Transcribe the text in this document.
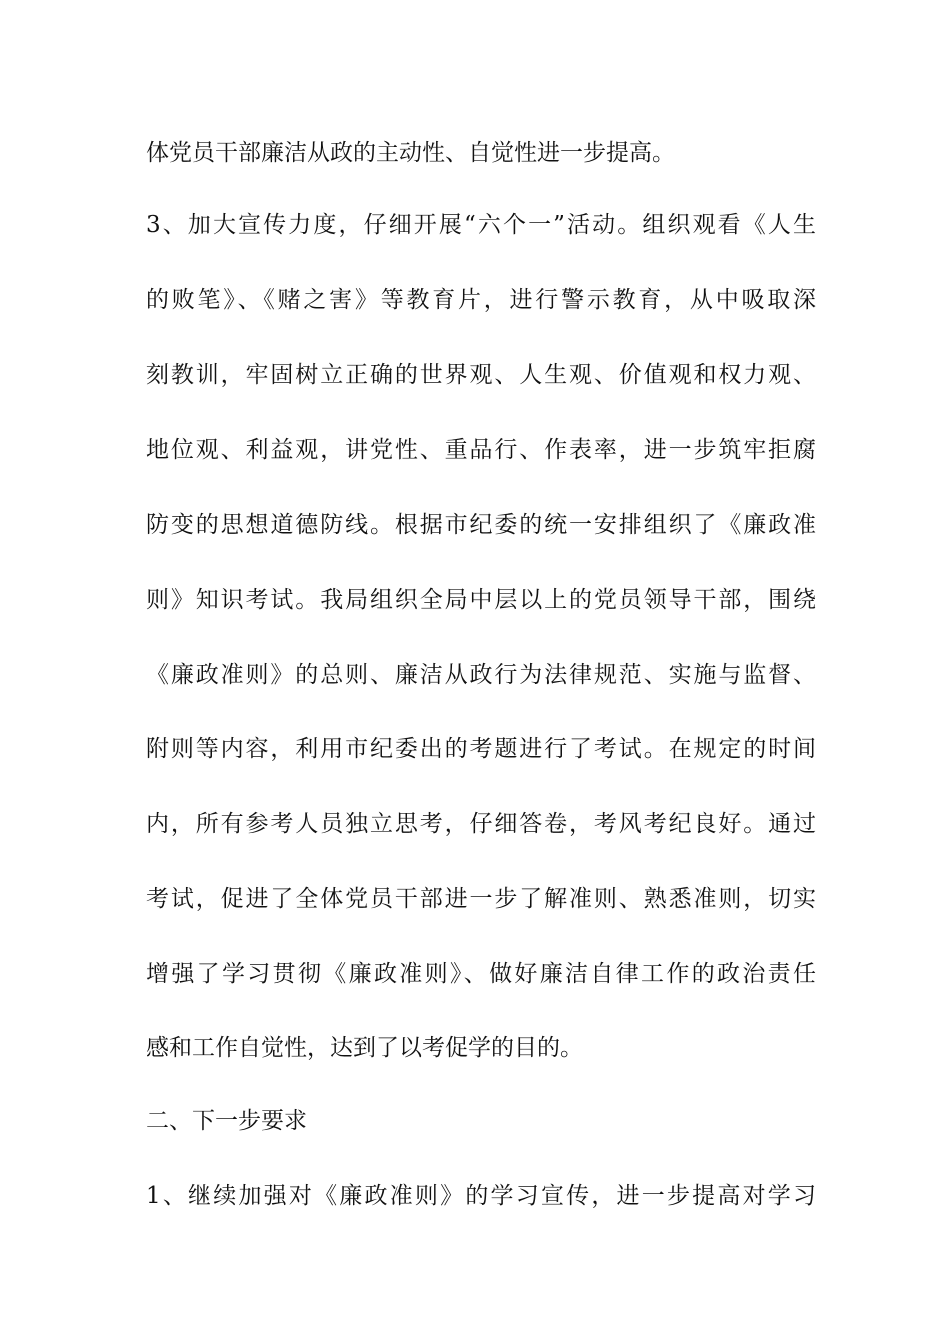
体党员干部廉洁从政的主动性、自觉性进一步提高。
3、加大宣传力度，仔细开展“六个一”活动。组织观看《人生
的败笔》、《赌之害》等教育片，进行警示教育，从中吸取深
刻教训，牢固树立正确的世界观、人生观、价值观和权力观、
地位观、利益观，讲党性、重品行、作表率，进一步筑牢拒腐
防变的思想道德防线。根据市纪委的统一安排组织了《廉政准
则》知识考试。我局组织全局中层以上的党员领导干部，围绕
《廉政准则》的总则、廉洁从政行为法律规范、实施与监督、
附则等内容，利用市纪委出的考题进行了考试。在规定的时间
内，所有参考人员独立思考，仔细答卷，考风考纪良好。通过
考试，促进了全体党员干部进一步了解准则、熟悉准则，切实
增强了学习贯彻《廉政准则》、做好廉洁自律工作的政治责任
感和工作自觉性，达到了以考促学的目的。
二、下一步要求
1、继续加强对《廉政准则》的学习宣传，进一步提高对学习
